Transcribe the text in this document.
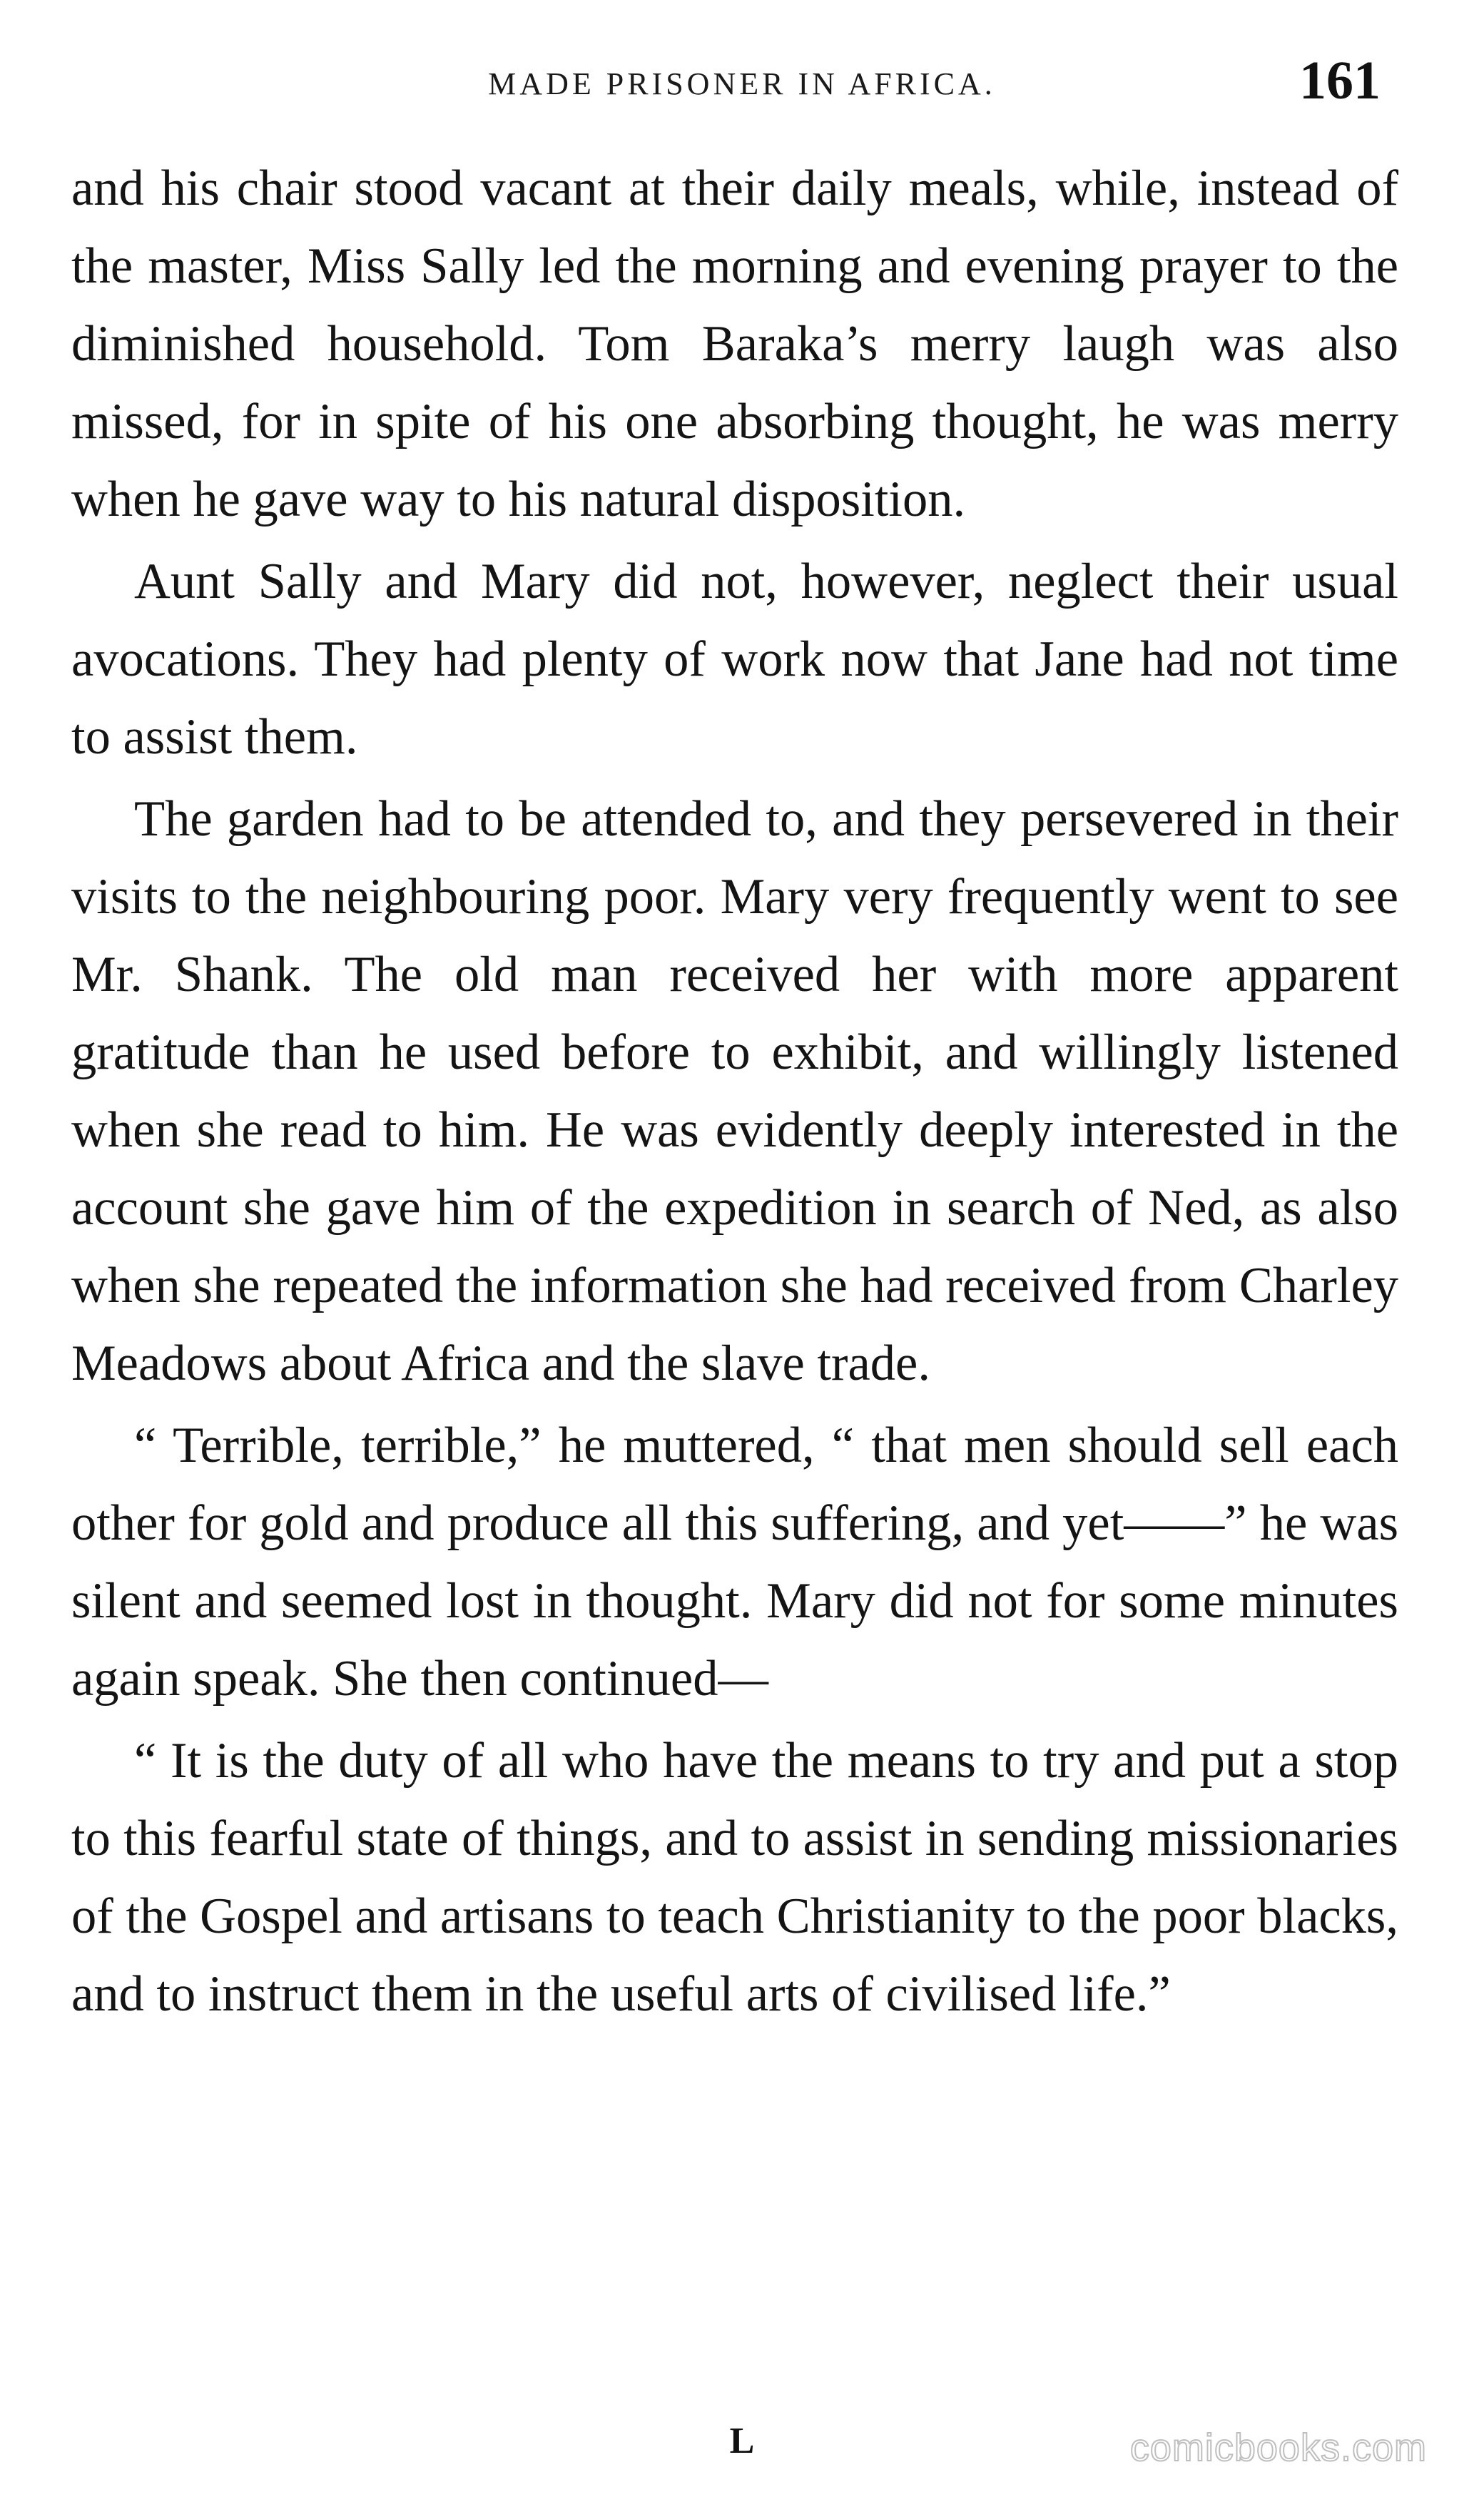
MADE PRISONER IN AFRICA.	161

and his chair stood vacant at their daily meals, while, instead of the master, Miss Sally led the morning and evening prayer to the diminished household. Tom Baraka’s merry laugh was also missed, for in spite of his one absorbing thought, he was merry when he gave way to his natural disposition.

Aunt Sally and Mary did not, however, neglect their usual avocations. They had plenty of work now that Jane had not time to assist them.

The garden had to be attended to, and they persevered in their visits to the neighbouring poor. Mary very frequently went to see Mr. Shank. The old man received her with more apparent gratitude than he used before to exhibit, and willingly listened when she read to him. He was evidently deeply interested in the account she gave him of the expedition in search of Ned, as also when she repeated the information she had received from Charley Meadows about Africa and the slave trade.

“ Terrible, terrible,” he muttered, “ that men should sell each other for gold and produce all this suffering, and yet——” he was silent and seemed lost in thought. Mary did not for some minutes again speak. She then continued—

“ It is the duty of all who have the means to try and put a stop to this fearful state of things, and to assist in sending missionaries of the Gospel and artisans to teach Christianity to the poor blacks, and to instruct them in the useful arts of civilised life.”

L	comicbooks.com
